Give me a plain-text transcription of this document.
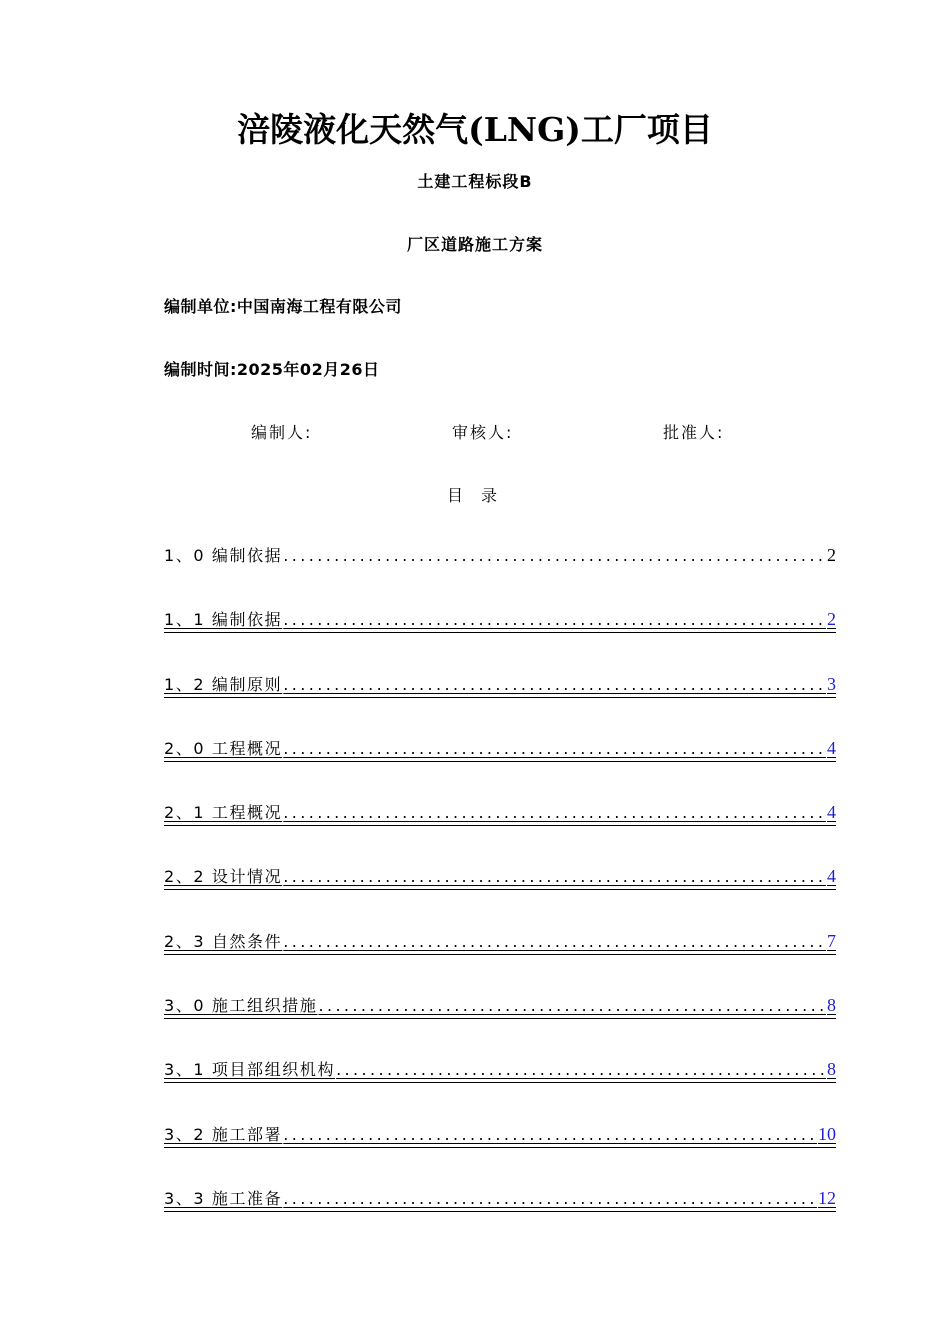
涪陵液化天然气(LNG)工厂项目
土建工程标段B
厂区道路施工方案
编制单位:中国南海工程有限公司
编制时间:2025年02月26日
编制人:	审核人:	批准人:
目录
1、0 编制依据 .....	2
1、1 编制依据 .....	2
1、2 编制原则 .....	3
2、0 工程概况 .....	4
2、1 工程概况 .....	4
2、2 设计情况 .....	4
2、3 自然条件 .....	7
3、0 施工组织措施 .....	8
3、1 项目部组织机构 .....	8
3、2 施工部署 .....	10
3、3 施工准备 .....	12
